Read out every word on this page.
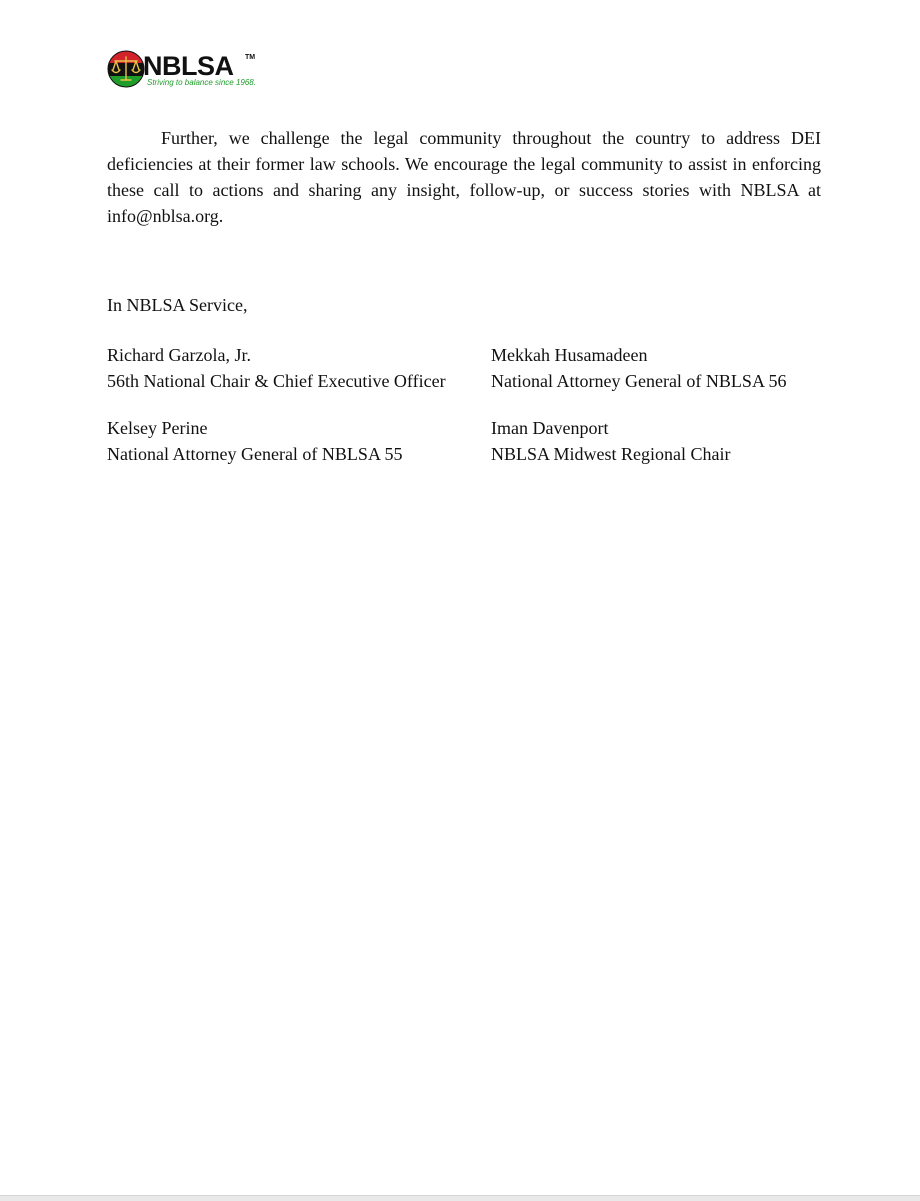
NBLSA TM
Striving to balance since 1968.

Further, we challenge the legal community throughout the country to address DEI deficiencies at their former law schools. We encourage the legal community to assist in enforcing these call to actions and sharing any insight, follow-up, or success stories with NBLSA at info@nblsa.org.

In NBLSA Service,

Richard Garzola, Jr.
56th National Chair & Chief Executive Officer
Mekkah Husamadeen
National Attorney General of NBLSA 56
Kelsey Perine
National Attorney General of NBLSA 55
Iman Davenport
NBLSA Midwest Regional Chair
